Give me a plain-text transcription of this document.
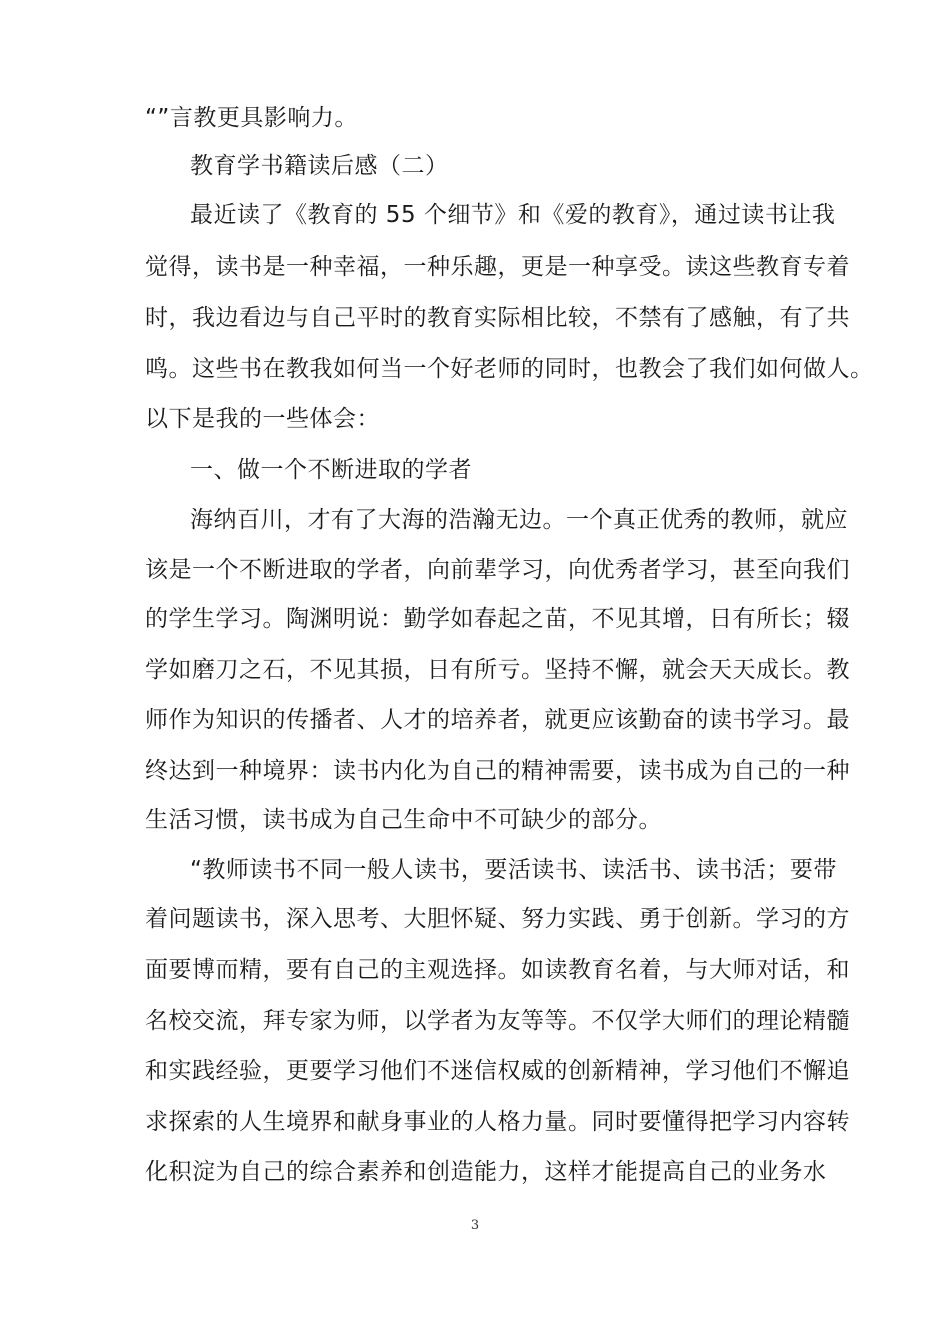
“”言教更具影响力。
教育学书籍读后感（二）
最近读了《教育的 55 个细节》和《爱的教育》，通过读书让我
觉得，读书是一种幸福，一种乐趣，更是一种享受。读这些教育专着
时，我边看边与自己平时的教育实际相比较，不禁有了感触，有了共
鸣。这些书在教我如何当一个好老师的同时，也教会了我们如何做人。
以下是我的一些体会：
一、做一个不断进取的学者
海纳百川，才有了大海的浩瀚无边。一个真正优秀的教师，就应
该是一个不断进取的学者，向前辈学习，向优秀者学习，甚至向我们
的学生学习。陶渊明说：勤学如春起之苗，不见其增，日有所长；辍
学如磨刀之石，不见其损，日有所亏。坚持不懈，就会天天成长。教
师作为知识的传播者、人才的培养者，就更应该勤奋的读书学习。最
终达到一种境界：读书内化为自己的精神需要，读书成为自己的一种
生活习惯，读书成为自己生命中不可缺少的部分。
“教师读书不同一般人读书，要活读书、读活书、读书活；要带
着问题读书，深入思考、大胆怀疑、努力实践、勇于创新。学习的方
面要博而精，要有自己的主观选择。如读教育名着，与大师对话，和
名校交流，拜专家为师，以学者为友等等。不仅学大师们的理论精髓
和实践经验，更要学习他们不迷信权威的创新精神，学习他们不懈追
求探索的人生境界和献身事业的人格力量。同时要懂得把学习内容转
化积淀为自己的综合素养和创造能力，这样才能提高自己的业务水
3
